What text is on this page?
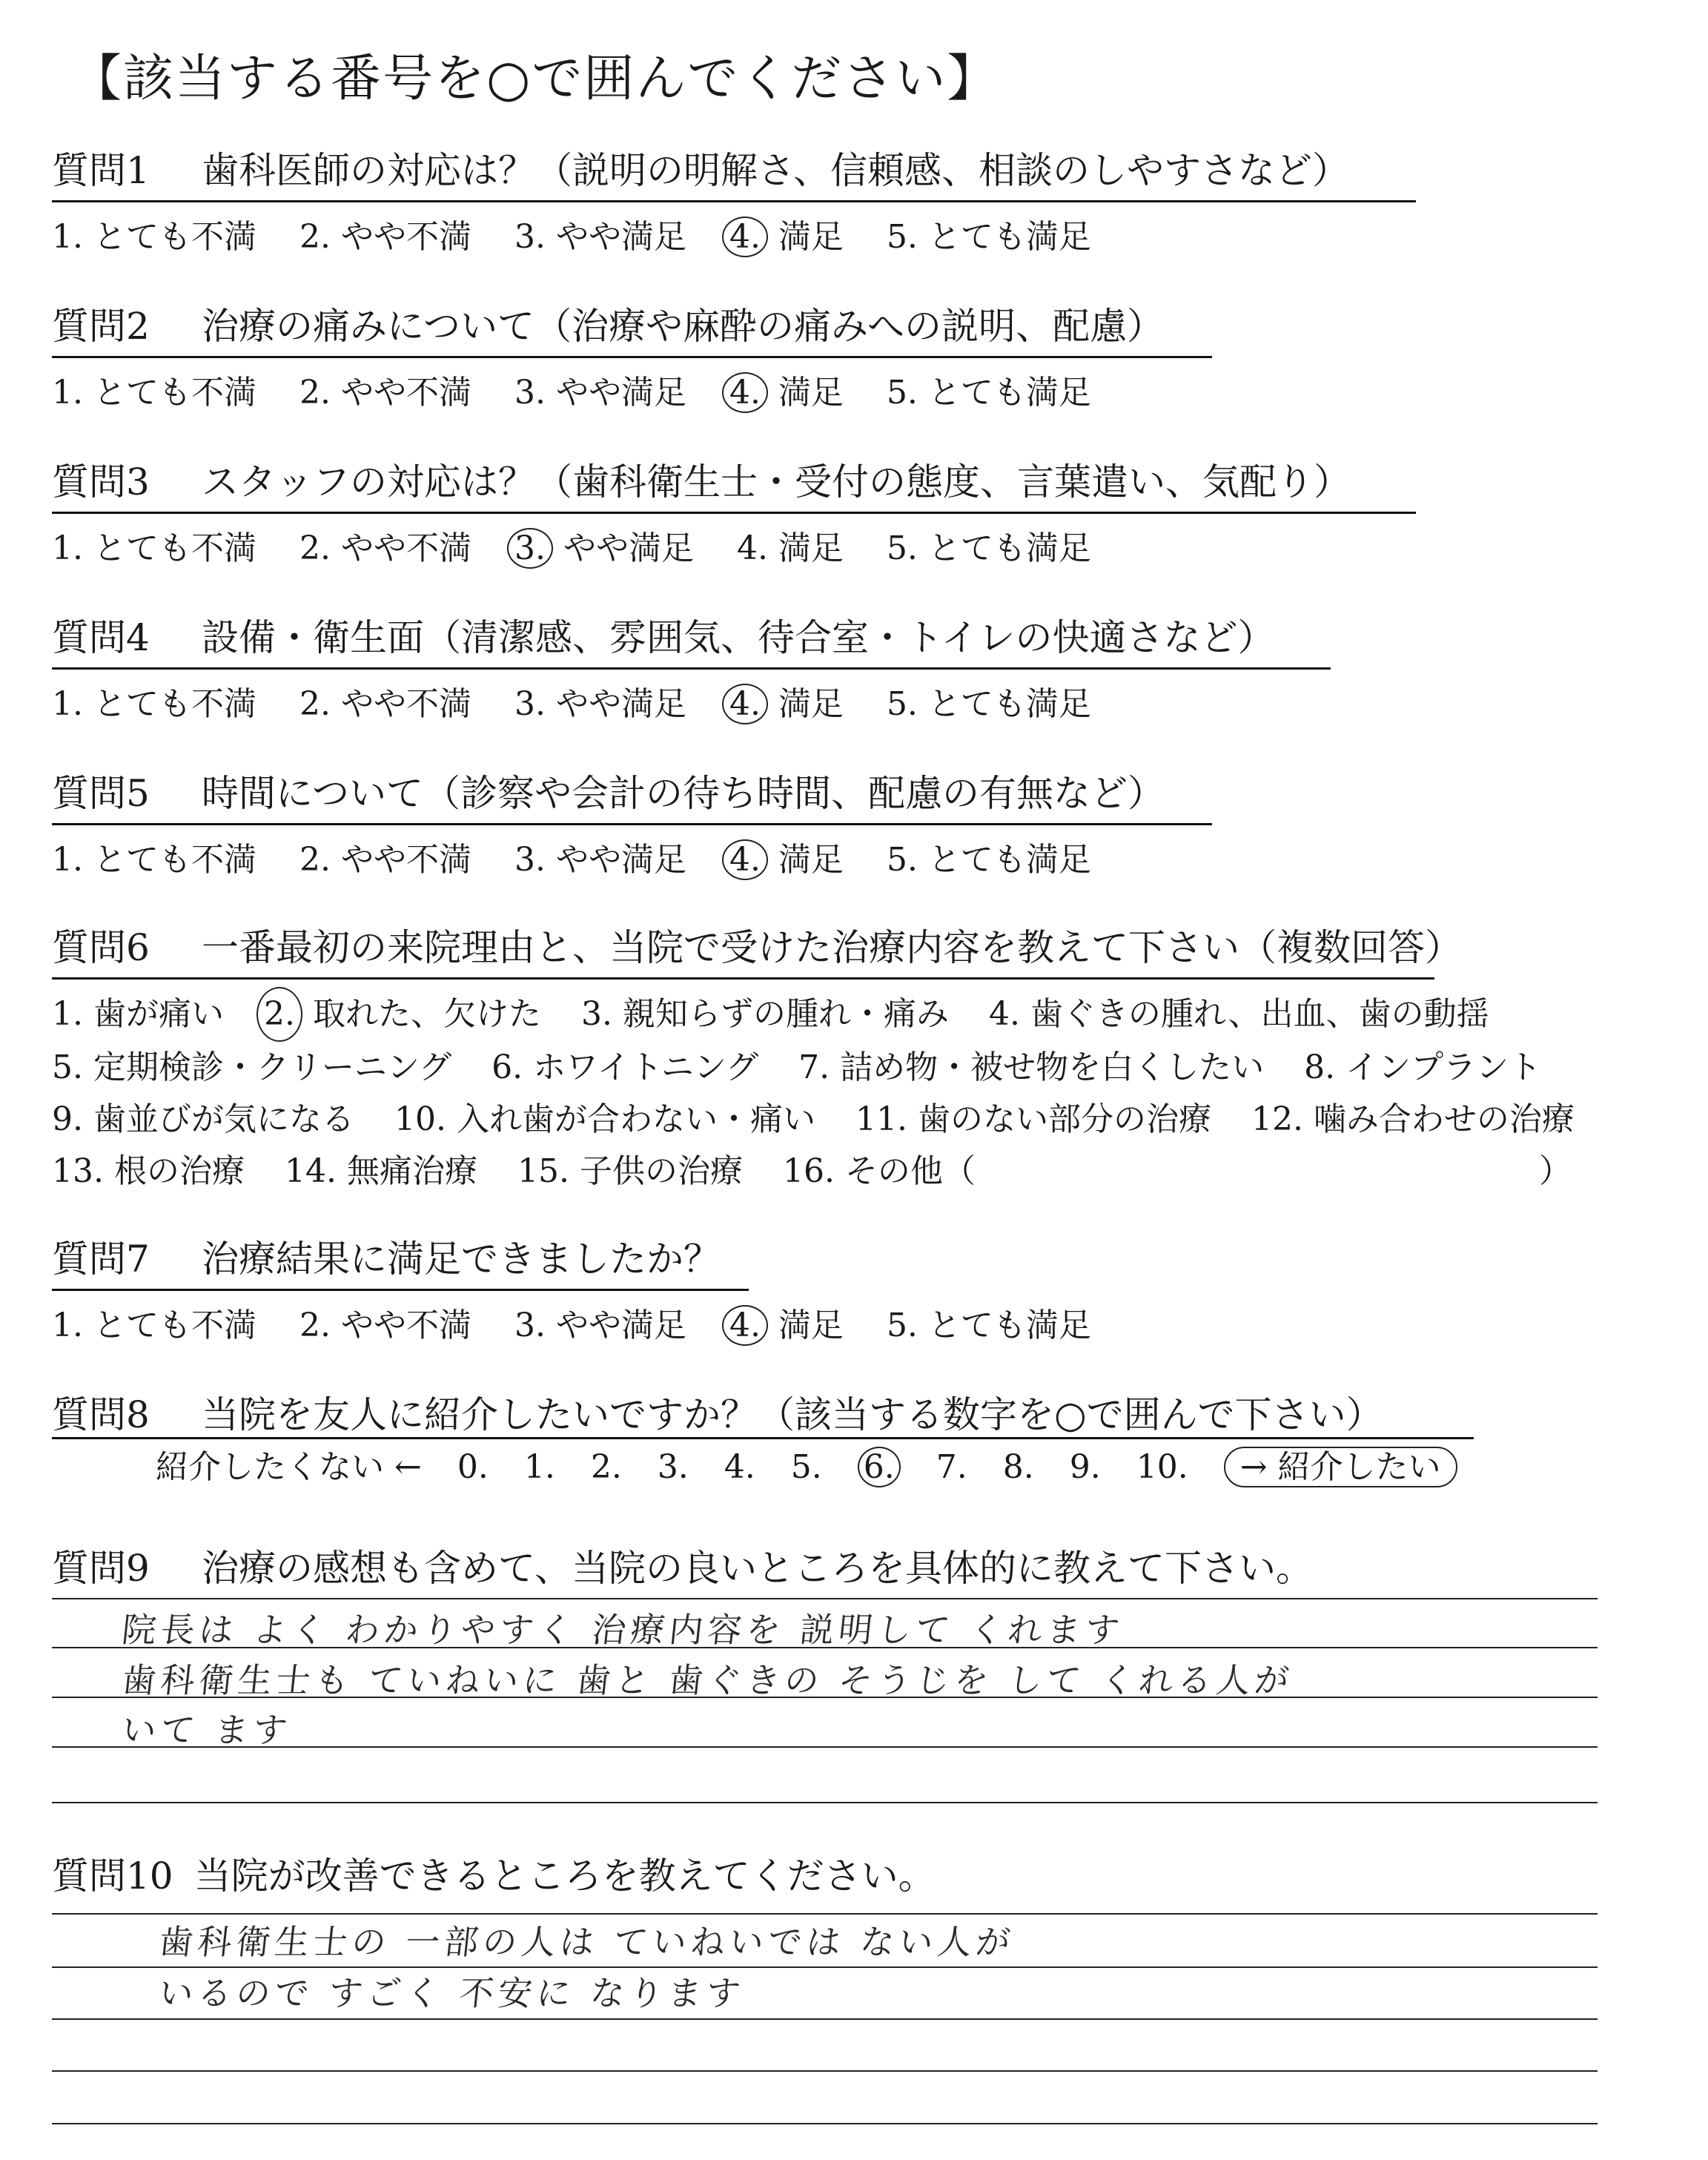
【該当する番号を○で囲んでください】
質問1 歯科医師の対応は？（説明の明解さ、信頼感、相談のしやすさなど）
1. とても不満 2. やや不満 3. やや満足 4. 満足 5. とても満足
質問2 治療の痛みについて（治療や麻酔の痛みへの説明、配慮）
1. とても不満 2. やや不満 3. やや満足 4. 満足 5. とても満足
質問3 スタッフの対応は？（歯科衛生士・受付の態度、言葉遣い、気配り）
1. とても不満 2. やや不満 3. やや満足 4. 満足 5. とても満足
質問4 設備・衛生面（清潔感、雰囲気、待合室・トイレの快適さなど）
1. とても不満 2. やや不満 3. やや満足 4. 満足 5. とても満足
質問5 時間について（診察や会計の待ち時間、配慮の有無など）
1. とても不満 2. やや不満 3. やや満足 4. 満足 5. とても満足
質問6 一番最初の来院理由と、当院で受けた治療内容を教えて下さい（複数回答）
1. 歯が痛い 2. 取れた、欠けた 3. 親知らずの腫れ・痛み 4. 歯ぐきの腫れ、出血、歯の動揺
5. 定期検診・クリーニング 6. ホワイトニング 7. 詰め物・被せ物を白くしたい 8. インプラント
9. 歯並びが気になる 10. 入れ歯が合わない・痛い 11. 歯のない部分の治療 12. 噛み合わせの治療
13. 根の治療 14. 無痛治療 15. 子供の治療 16. その他（	）
質問7 治療結果に満足できましたか？
1. とても不満 2. やや不満 3. やや満足 4. 満足 5. とても満足
質問8 当院を友人に紹介したいですか？（該当する数字を○で囲んで下さい）
紹介したくない ← 0. 1. 2. 3. 4. 5. 6. 7. 8. 9. 10. → 紹介したい
質問9 治療の感想も含めて、当院の良いところを具体的に教えて下さい。
院長は よく わかりやすく 治療内容を 説明して くれます
歯科衛生士も ていねいに 歯と 歯ぐきの そうじを して くれる人が
いて ます
質問10 当院が改善できるところを教えてください。
歯科衛生士の 一部の人は ていねいでは ない人が
いるので すごく 不安に なります
